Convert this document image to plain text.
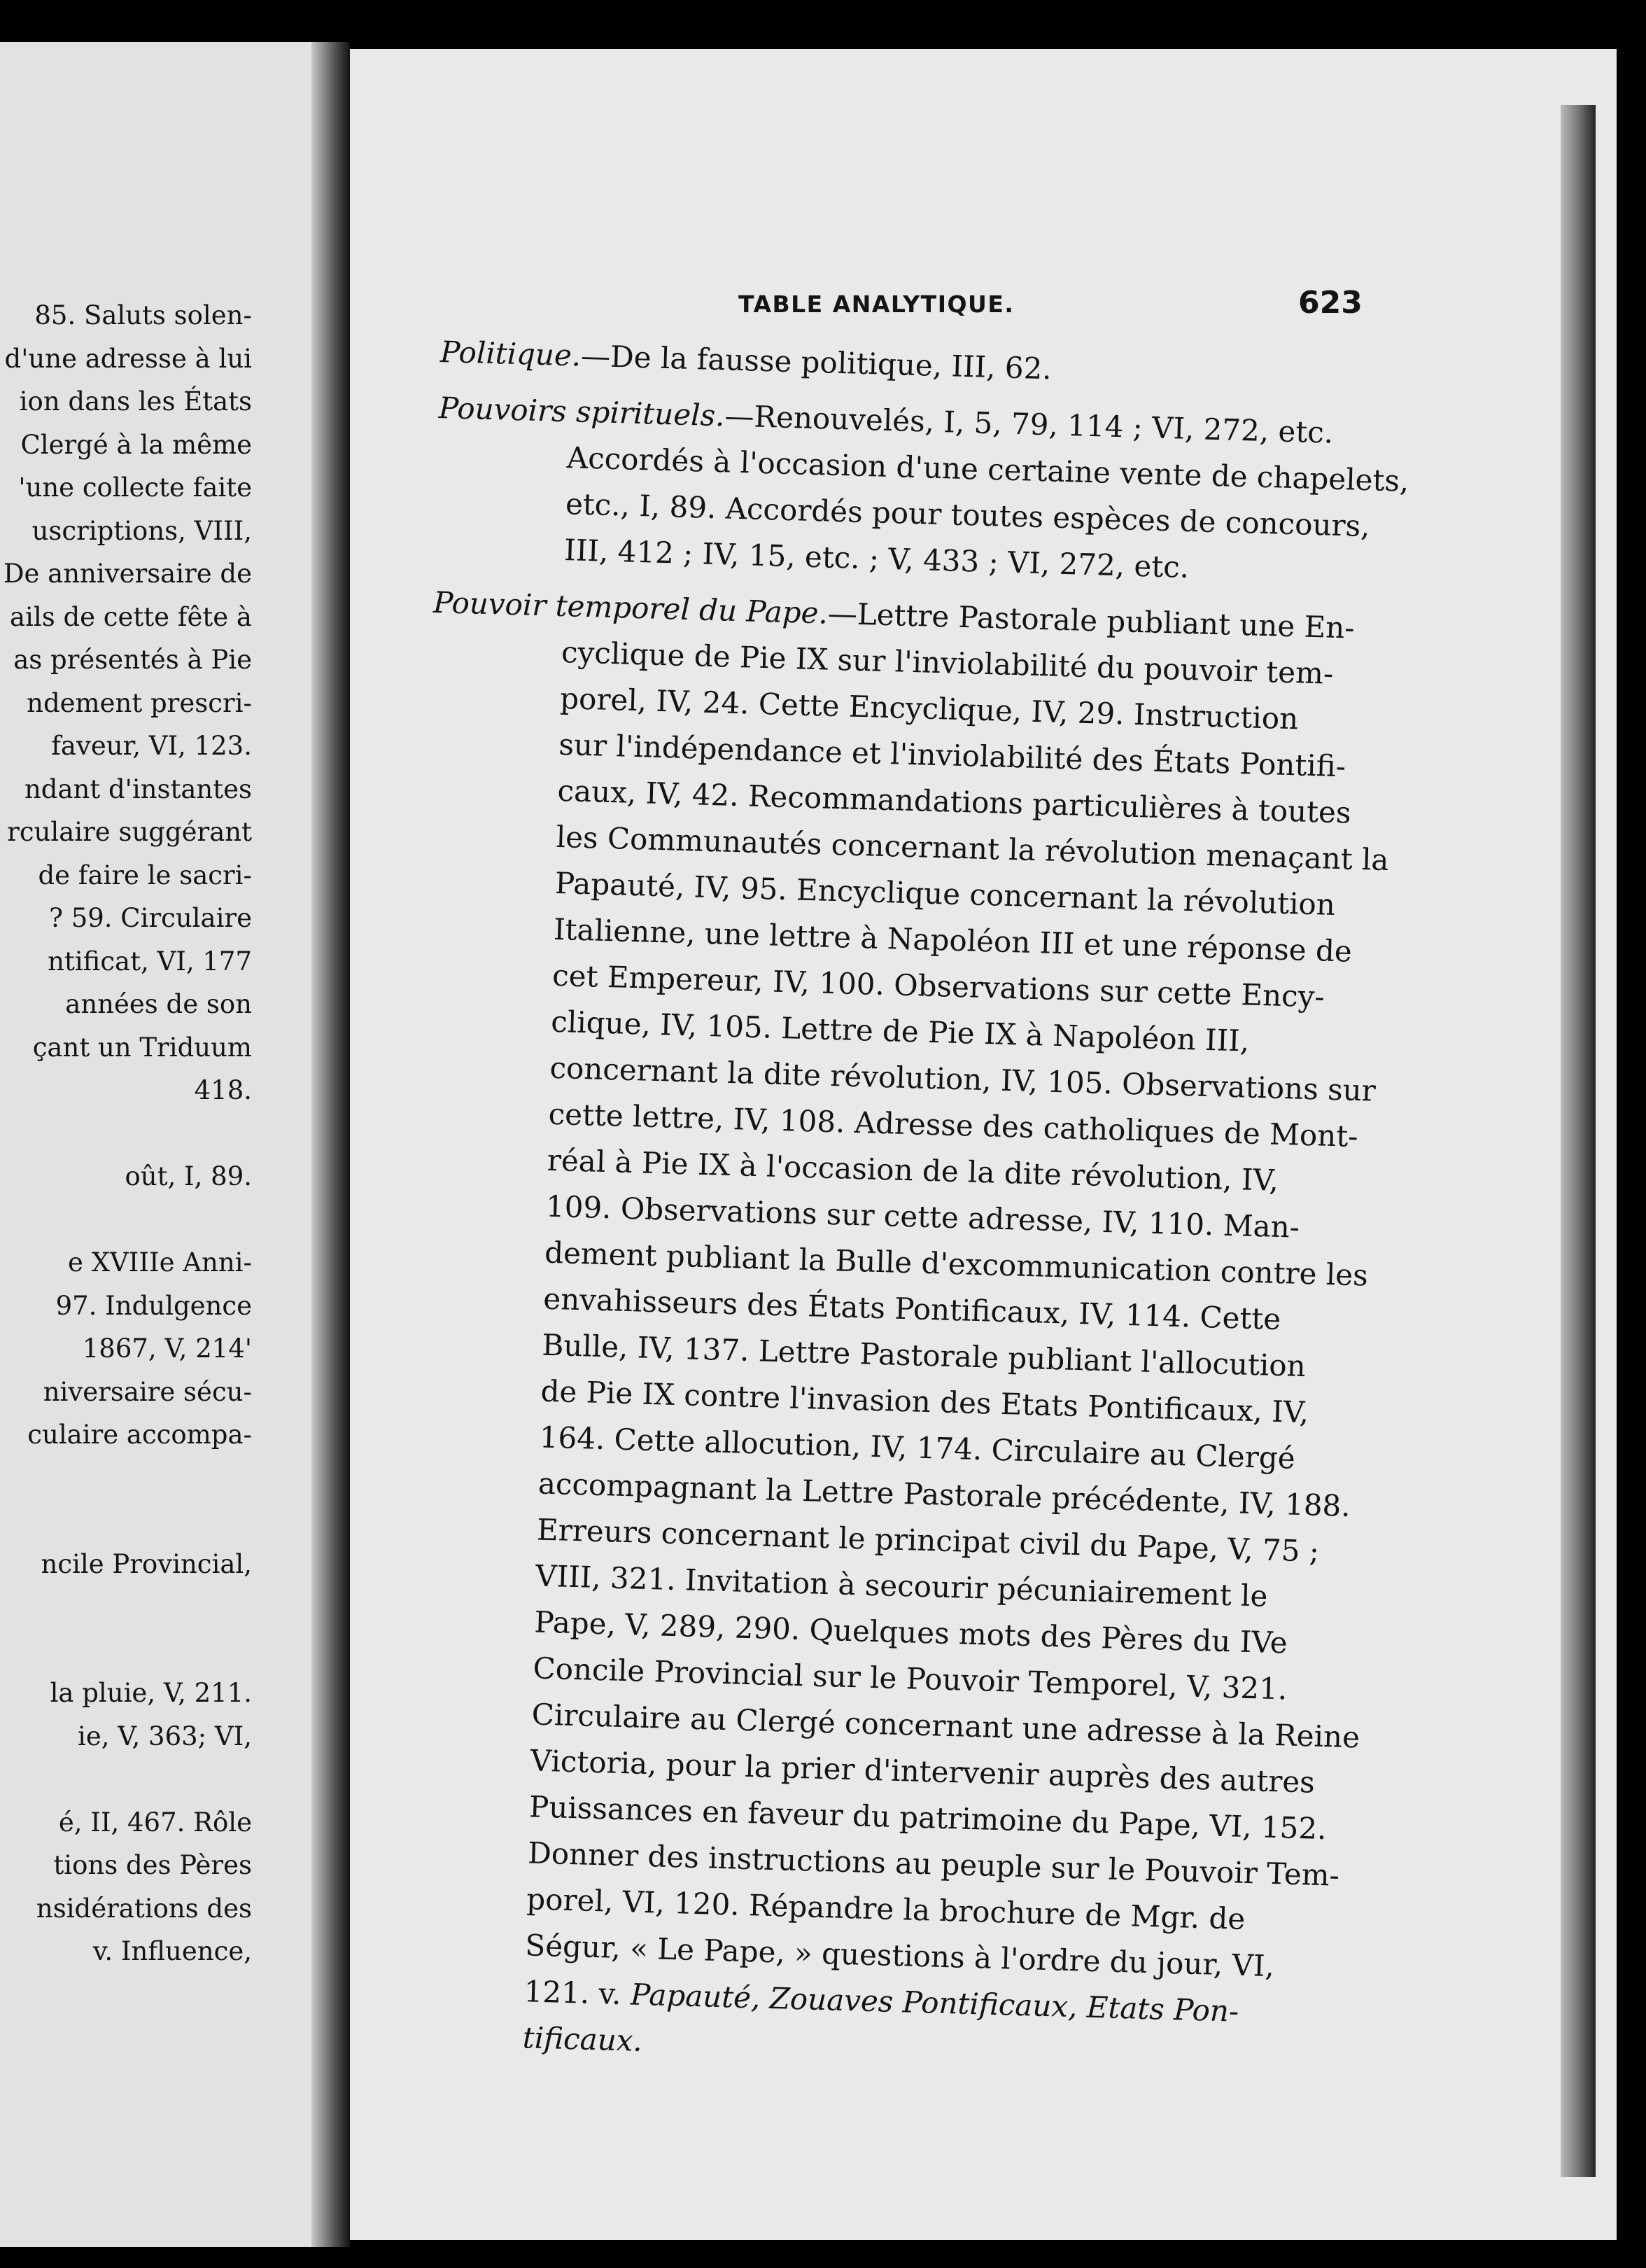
85. Saluts solen-
d'une adresse à lui
ion dans les États
Clergé à la même
'une collecte faite
uscriptions, VIII,
De anniversaire de
ails de cette fête à
as présentés à Pie
ndement prescri-
faveur, VI, 123.
ndant d'instantes
rculaire suggérant
de faire le sacri-
? 59. Circulaire
ntificat, VI, 177
années de son
çant un Triduum
418.
oût, I, 89.
e XVIIIe Anni-
97. Indulgence
1867, V, 214'
niversaire sécu-
culaire accompa-
ncile Provincial,
la pluie, V, 211.
ie, V, 363; VI,
é, II, 467. Rôle
tions des Pères
nsidérations des
v. Influence,
TABLE ANALYTIQUE.	623
Politique.—De la fausse politique, III, 62.
Pouvoirs spirituels.—Renouvelés, I, 5, 79, 114 ; VI, 272, etc.
Accordés à l'occasion d'une certaine vente de chapelets,
etc., I, 89. Accordés pour toutes espèces de concours,
III, 412 ; IV, 15, etc. ; V, 433 ; VI, 272, etc.
Pouvoir temporel du Pape.—Lettre Pastorale publiant une En-
cyclique de Pie IX sur l'inviolabilité du pouvoir tem-
porel, IV, 24. Cette Encyclique, IV, 29. Instruction
sur l'indépendance et l'inviolabilité des États Pontifi-
caux, IV, 42. Recommandations particulières à toutes
les Communautés concernant la révolution menaçant la
Papauté, IV, 95. Encyclique concernant la révolution
Italienne, une lettre à Napoléon III et une réponse de
cet Empereur, IV, 100. Observations sur cette Ency-
clique, IV, 105. Lettre de Pie IX à Napoléon III,
concernant la dite révolution, IV, 105. Observations sur
cette lettre, IV, 108. Adresse des catholiques de Mont-
réal à Pie IX à l'occasion de la dite révolution, IV,
109. Observations sur cette adresse, IV, 110. Man-
dement publiant la Bulle d'excommunication contre les
envahisseurs des États Pontificaux, IV, 114. Cette
Bulle, IV, 137. Lettre Pastorale publiant l'allocution
de Pie IX contre l'invasion des Etats Pontificaux, IV,
164. Cette allocution, IV, 174. Circulaire au Clergé
accompagnant la Lettre Pastorale précédente, IV, 188.
Erreurs concernant le principat civil du Pape, V, 75 ;
VIII, 321. Invitation à secourir pécuniairement le
Pape, V, 289, 290. Quelques mots des Pères du IVe
Concile Provincial sur le Pouvoir Temporel, V, 321.
Circulaire au Clergé concernant une adresse à la Reine
Victoria, pour la prier d'intervenir auprès des autres
Puissances en faveur du patrimoine du Pape, VI, 152.
Donner des instructions au peuple sur le Pouvoir Tem-
porel, VI, 120. Répandre la brochure de Mgr. de
Ségur, « Le Pape, » questions à l'ordre du jour, VI,
121. v. Papauté, Zouaves Pontificaux, Etats Pon-
tificaux.
